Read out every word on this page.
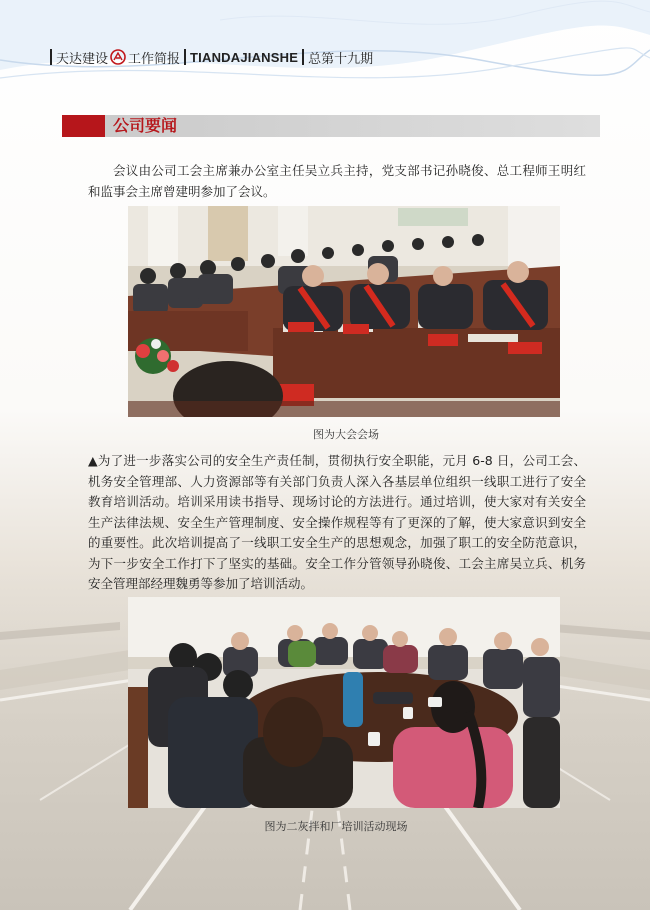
天达建设 工作简报 TIANDAJIANSHE 总第十九期
公司要闻

会议由公司工会主席兼办公室主任吴立兵主持，党支部书记孙晓俊、总工程师王明红和监事会主席曾建明参加了会议。

图为大会会场

▲为了进一步落实公司的安全生产责任制，贯彻执行安全职能，元月 6-8 日，公司工会、机务安全管理部、人力资源部等有关部门负责人深入各基层单位组织一线职工进行了安全教育培训活动。培训采用读书指导、现场讨论的方法进行。通过培训，使大家对有关安全生产法律法规、安全生产管理制度、安全操作规程等有了更深的了解，使大家意识到安全的重要性。此次培训提高了一线职工安全生产的思想观念，加强了职工的安全防范意识，为下一步安全工作打下了坚实的基础。安全工作分管领导孙晓俊、工会主席吴立兵、机务安全管理部经理魏勇等参加了培训活动。

图为二灰拌和厂培训活动现场
